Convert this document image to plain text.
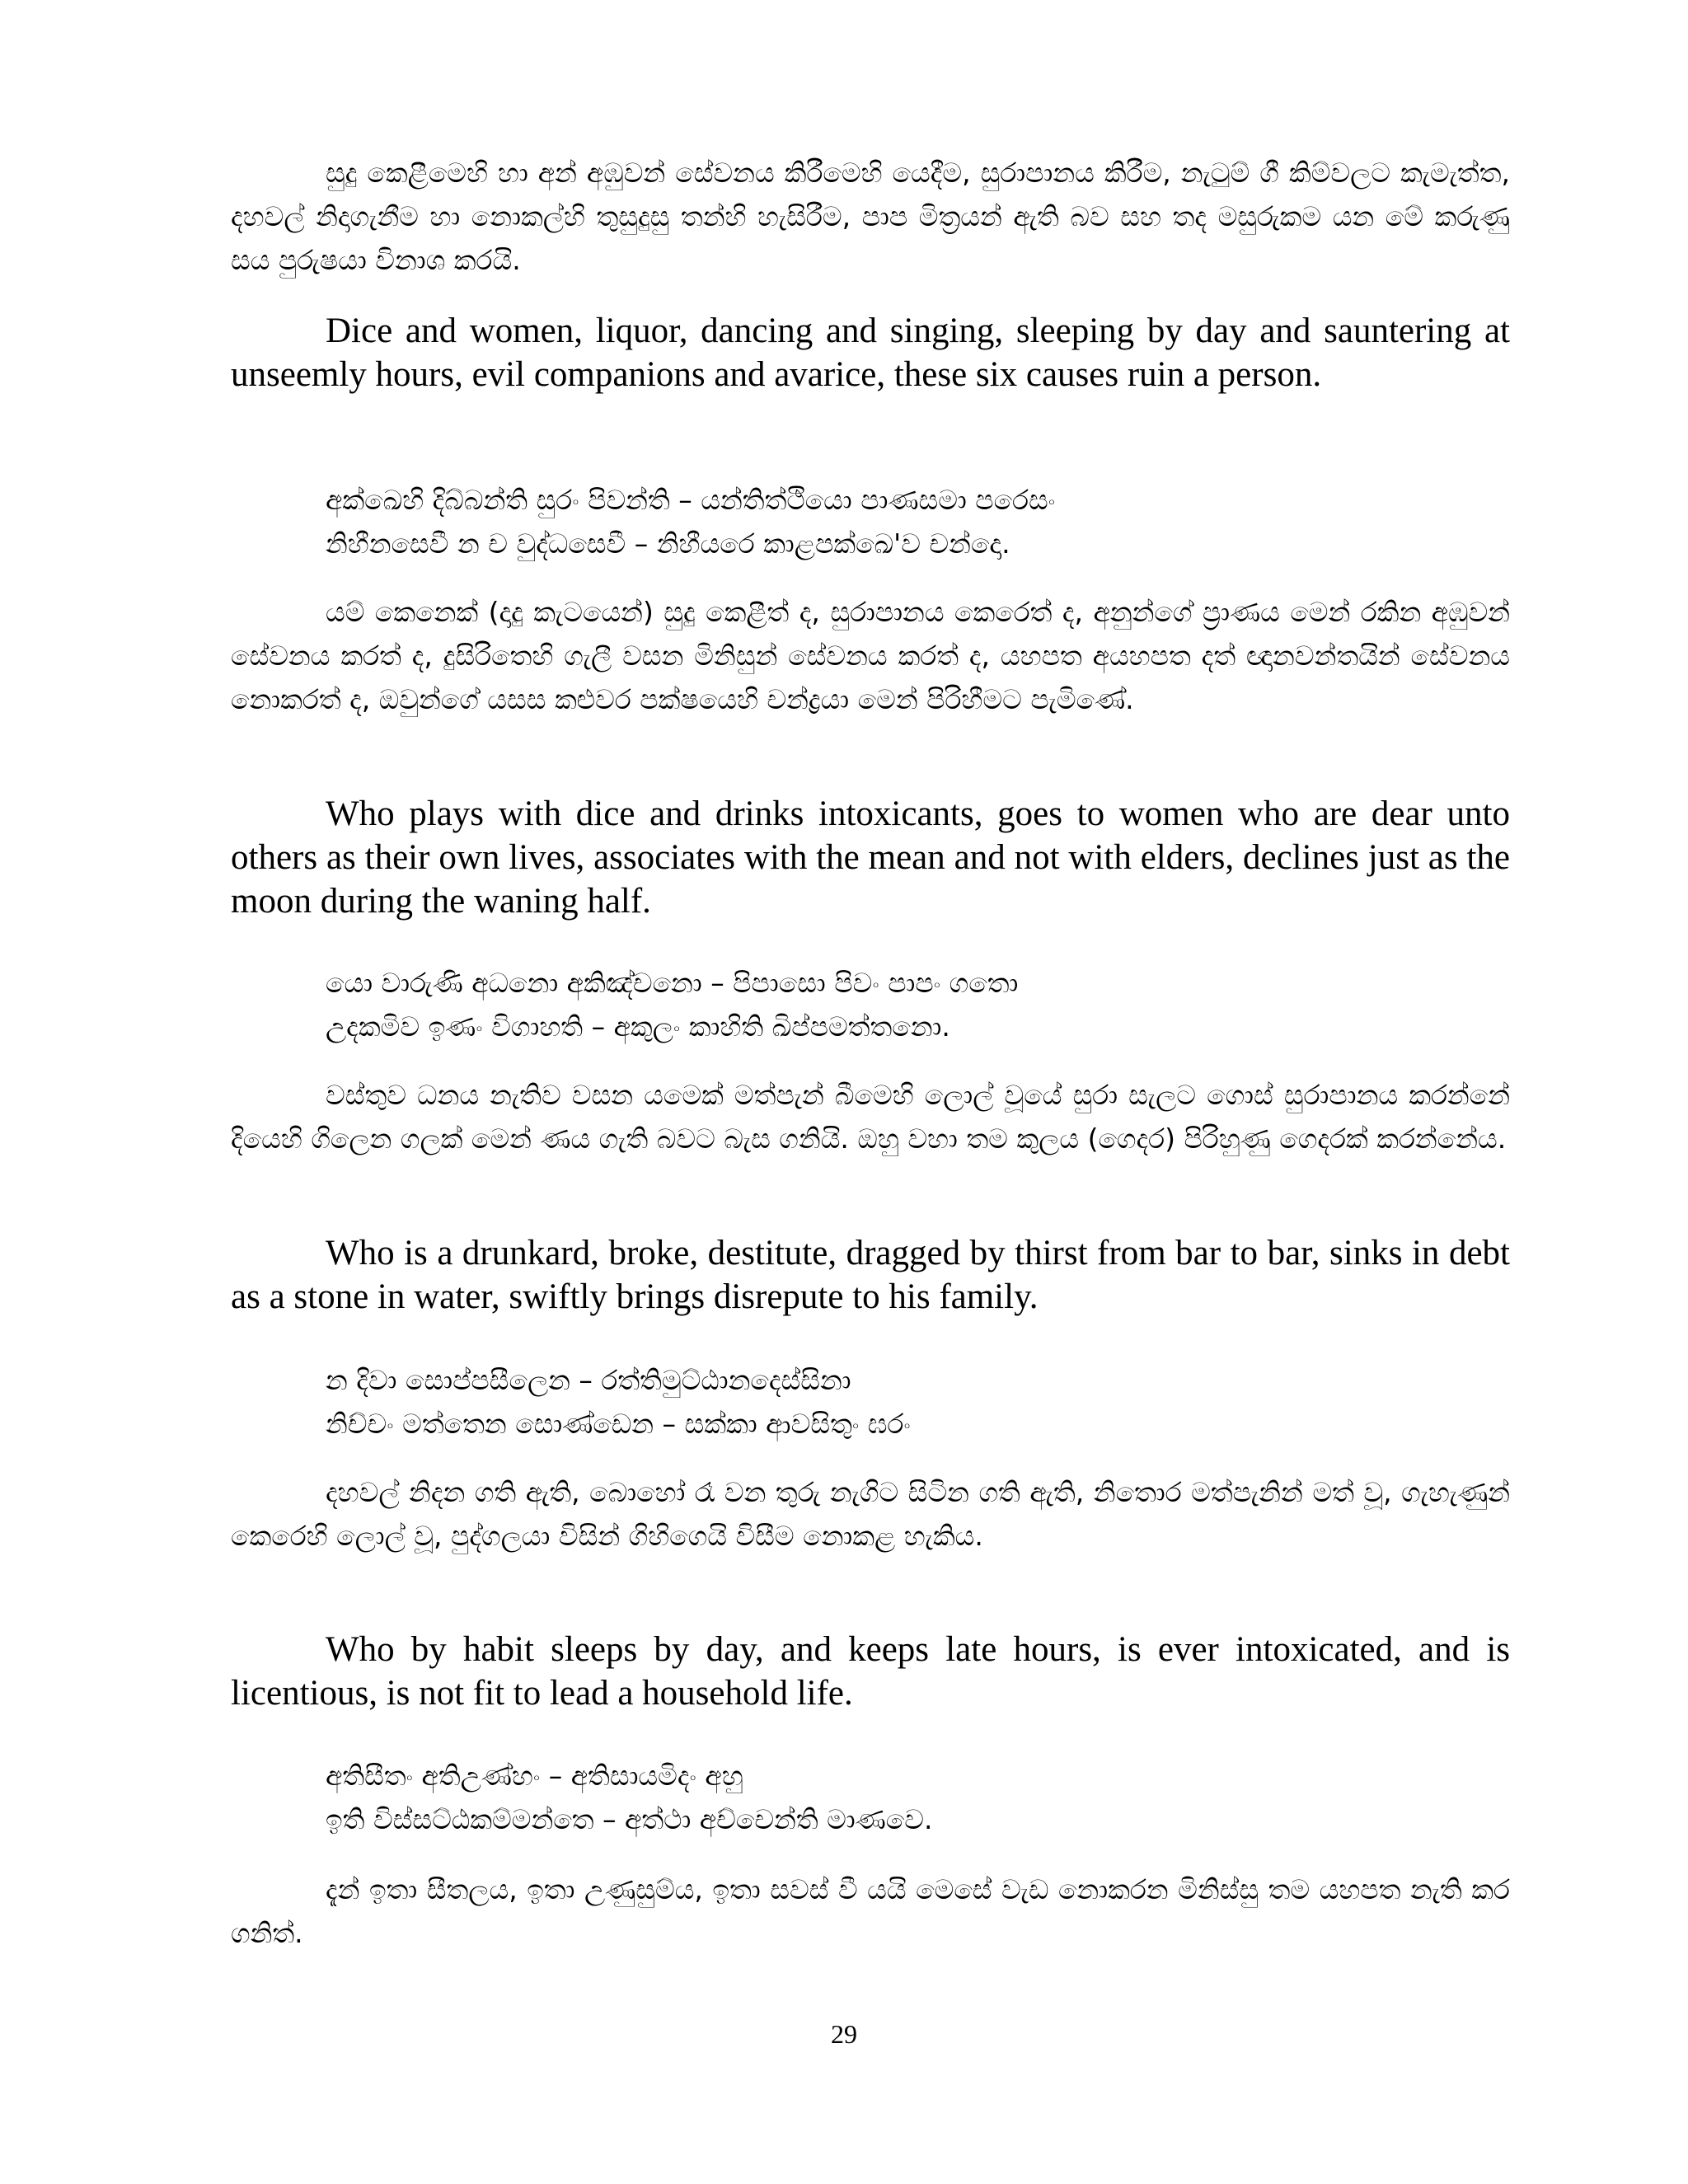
සුදු කෙළීමෙහි හා අන් අඹුවන් සේවනය කිරීමෙහි යෙදීම, සුරාපානය කිරීම, නැටුම් ගී කිම්වලට කැමැත්ත, දහවල් නිදාගැනීම හා නොකල්හි තුසුදුසු තන්හි හැසිරීම, පාප මිත්‍රයන් ඇති බව සහ තද මසුරුකම යන මේ කරුණු සය පුරුෂයා විනාශ කරයි.

Dice and women, liquor, dancing and singing, sleeping by day and sauntering at unseemly hours, evil companions and avarice, these six causes ruin a person.

අක්ඛෙහි දිබ්බන්ති සුරං පිවන්ති – යන්තිත්ථියො පාණසමා පරෙසං
නිහීනසෙවී න ච වුද්ධසෙවී – නිහීයරෙ කාළපක්ඛෙ'ව චන්දො.

යම් කෙනෙක් (දාදු කැටයෙන්) සුදු කෙළීත් ද, සුරාපානය කෙරෙත් ද, අනුන්ගේ ප්‍රාණය මෙන් රකින අඹුවන් සේවනය කරත් ද, දුසිරිතෙහි ගැලී වසන මිනිසුන් සේවනය කරත් ද, යහපත අයහපත දත් ඥානවන්තයින් සේවනය නොකරත් ද, ඔවුන්ගේ යසස කළුවර පක්ෂයෙහි චන්ද්‍රයා මෙන් පිරිහීමට පැමිණේ.

Who plays with dice and drinks intoxicants, goes to women who are dear unto others as their own lives, associates with the mean and not with elders, declines just as the moon during the waning half.

යො වාරුණි අධනො අකිඤ්චනො – පිපාසො පිවං පාපං ගතො
උදකමිව ඉණං විගාහති – අකුලං කාහිති ඛිප්පමත්තනො.

වස්තුව ධනය නැතිව වසන යමෙක් මත්පැන් බීමෙහි ලොල් වූයේ සුරා සැලට ගොස් සුරාපානය කරන්නේ දියෙහි ගිලෙන ගලක් මෙන් ණය ගැති බවට බැස ගනියි. ඔහු වහා තම කුලය (ගෙදර) පිරිහුණු ගෙදරක් කරන්නේය.

Who is a drunkard, broke, destitute, dragged by thirst from bar to bar, sinks in debt as a stone in water, swiftly brings disrepute to his family.

න දිවා සොප්පසීලෙන – රත්තිමුට්ඨානදෙස්සිනා
නිච්චං මත්තෙන සොණ්ඩෙන – සක්කා ආවසිතුං ඝරං

දහවල් නිදන ගති ඇති, බොහෝ රෑ වන තුරු නැගිට සිටින ගති ඇති, නිතොර මත්පැනින් මත් වූ, ගැහැණුන් කෙරෙහි ලොල් වූ, පුද්ගලයා විසින් ගිහිගෙයි විසීම නොකළ හැකිය.

Who by habit sleeps by day, and keeps late hours, is ever intoxicated, and is licentious, is not fit to lead a household life.

අතිසීතං අතිඋණ්හං – අතිසායමිදං අහු
ඉති විස්සට්ඨකම්මන්තෙ – අත්ථා අච්චෙන්ති මාණවෙ.

දැන් ඉතා සීතලය, ඉතා උණුසුම්ය, ඉතා සවස් වී යයි මෙසේ වැඩ නොකරන මිනිස්සු තම යහපත නැති කර ගනිත්.

29
